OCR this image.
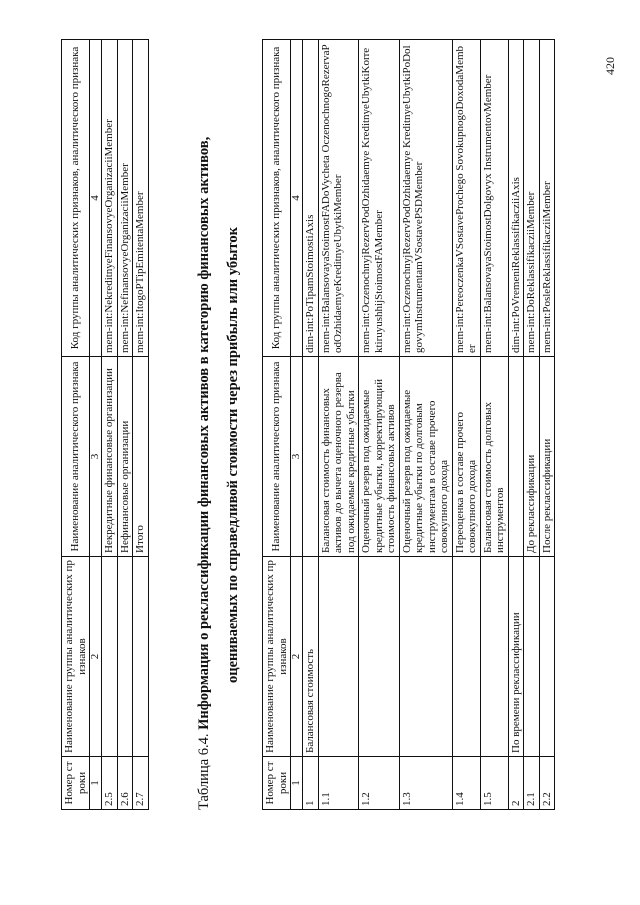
Номер строки	Наименование группы аналитических признаков	Наименование аналитического признака	Код группы аналитических признаков, аналитического признака
1	2	3	4
2.5		Некредитные финансовые организации	mem-int:NekreditnyeFinansovyeOrganizaciiMember
2.6		Нефинансовые организации	mem-int:NefinansovyeOrganizaciiMember
2.7		Итого	mem-int:ItogoPTipEmitentaMember
Таблица 6.4. Информация о реклассификации финансовых активов в категорию финансовых активов, оцениваемых по справедливой стоимости через прибыль или убыток
Номер строки	Наименование группы аналитических признаков	Наименование аналитического признака	Код группы аналитических признаков, аналитического признака
1	2	3	4
1	Балансовая стоимость		dim-int:PoTipamStoimostiAxis
1.1		Балансовая стоимость финансовых активов до вычета оценочного резерва под ожидаемые кредитные убытки	mem-int:BalansovayaStoimostFADoVycheta OczenochnogoRezervaPodOzhidaemyeKreditnyeUbytkiMember
1.2		Оценочный резерв под ожидаемые кредитные убытки, корректирующий стоимость финансовых активов	mem-int:OczenochnyjRezervPodOzhidaemye KreditnyeUbytkiKorrektiruyushhijStoimostFAMember
1.3		Оценочный резерв под ожидаемые кредитные убытки по долговым инструментам в составе прочего совокупного дохода	mem-int:OczenochnyjRezervPodOzhidaemye KreditnyeUbytkiPoDolgovymInstrumentamVSostavePSDMember
1.4		Переоценка в составе прочего совокупного дохода	mem-int:PereoczenkaVSostaveProchego SovokupnogoDoxodaMember
1.5		Балансовая стоимость долговых инструментов	mem-int:BalansovayaStoimostDolgovyx InstrumentovMember
2	По времени реклассификации		dim-int:PoVremeniReklassifikacziiAxis
2.1		До реклассификации	mem-int:DoReklassifikacziiMember
2.2		После реклассификации	mem-int:PosleReklassifikacziiMember
420
